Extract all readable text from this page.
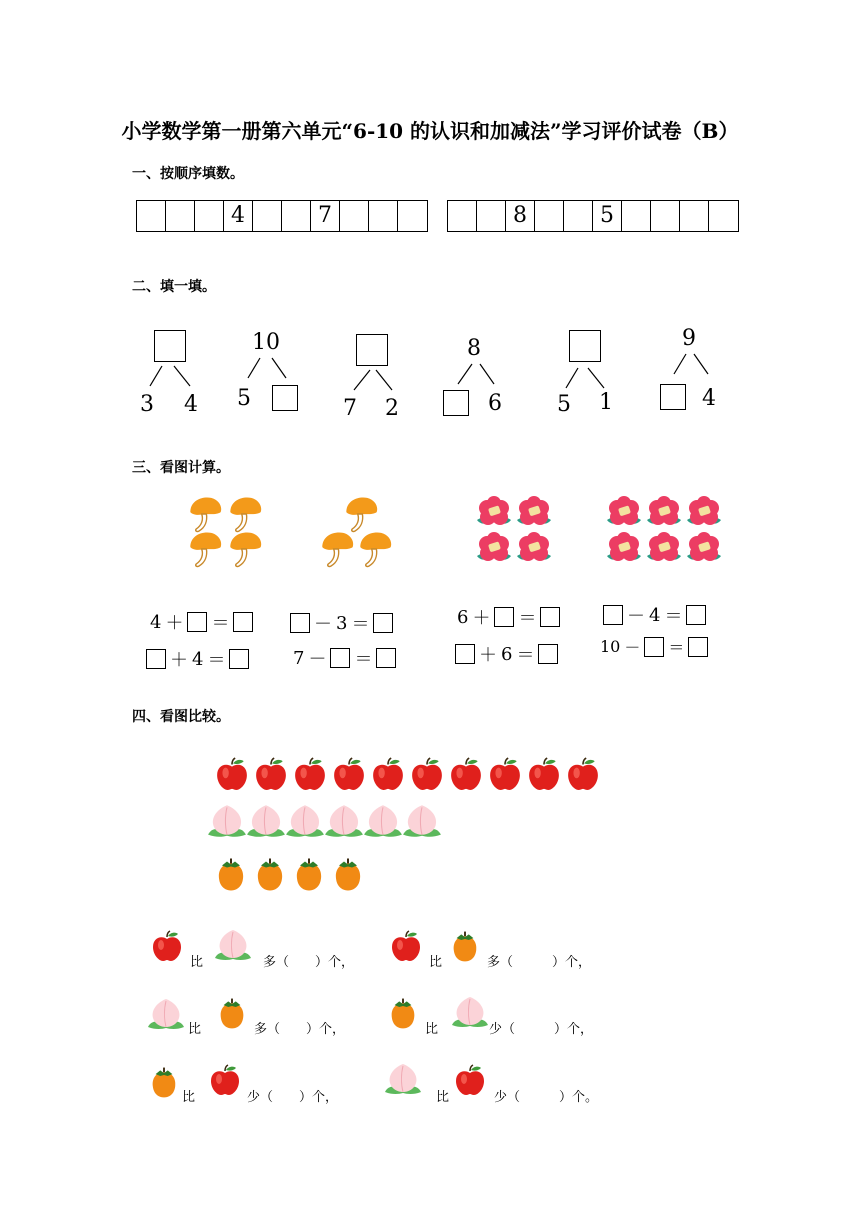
小学数学第一册第六单元“6-10 的认识和加减法”学习评价试卷（B）
一、按顺序填数。
4	7	8	5
二、填一填。
3 4
10
5	7 2
8
6	5 1
9
4
三、看图计算。
4 ＋ ＝	－ 3 ＝
＋ 4 ＝	7 － ＝
6 ＋ ＝	－ 4 ＝
＋ 6 ＝	10 － ＝
四、看图比较。
比	多（　　）个，	比	多（　　　）个，
比	多（　　）个，	比	少（　　　）个，
比	少（　　）个，	比	少（　　　）个。
